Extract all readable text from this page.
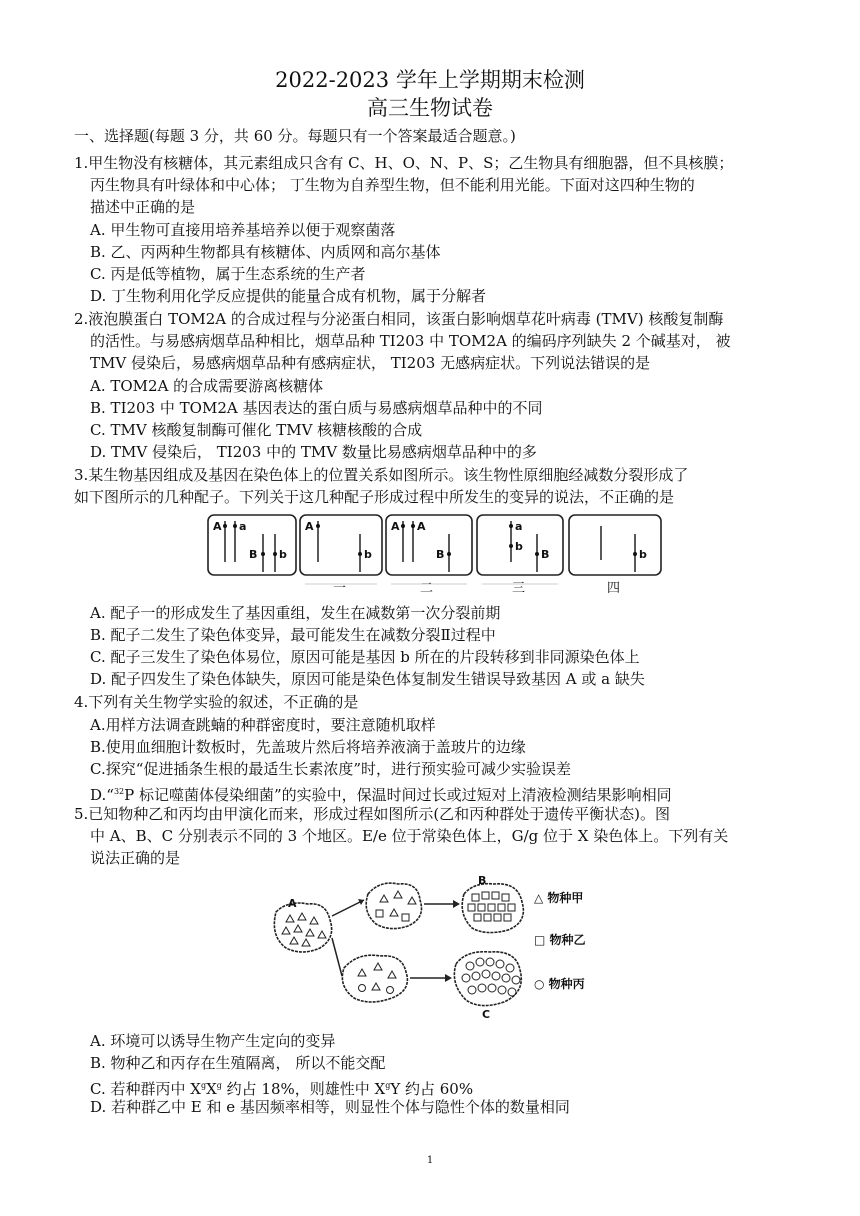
2022-2023 学年上学期期末检测
高三生物试卷
一、选择题(每题 3 分，共 60 分。每题只有一个答案最适合题意。)
1.甲生物没有核糖体，其元素组成只含有 C、H、O、N、P、S；乙生物具有细胞器，但不具核膜；
丙生物具有叶绿体和中心体； 丁生物为自养型生物，但不能利用光能。下面对这四种生物的
描述中正确的是
A. 甲生物可直接用培养基培养以便于观察菌落
B. 乙、丙两种生物都具有核糖体、内质网和高尔基体
C. 丙是低等植物，属于生态系统的生产者
D. 丁生物利用化学反应提供的能量合成有机物，属于分解者
2.液泡膜蛋白 TOM2A 的合成过程与分泌蛋白相同，该蛋白影响烟草花叶病毒 (TMV) 核酸复制酶
的活性。与易感病烟草品种相比，烟草品种 TI203 中 TOM2A 的编码序列缺失 2 个碱基对， 被
TMV 侵染后，易感病烟草品种有感病症状， TI203 无感病症状。下列说法错误的是
A. TOM2A 的合成需要游离核糖体
B. TI203 中 TOM2A 基因表达的蛋白质与易感病烟草品种中的不同
C. TMV 核酸复制酶可催化 TMV 核糖核酸的合成
D. TMV 侵染后， TI203 中的 TMV 数量比易感病烟草品种中的多
3.某生物基因组成及基因在染色体上的位置关系如图所示。该生物性原细胞经减数分裂形成了
如下图所示的几种配子。下列关于这几种配子形成过程中所发生的变异的说法，不正确的是
A a
B b
A
b
A A
B
a
b
B	b
一	二	三	四
A. 配子一的形成发生了基因重组，发生在减数第一次分裂前期
B. 配子二发生了染色体变异，最可能发生在减数分裂Ⅱ过程中
C. 配子三发生了染色体易位，原因可能是基因 b 所在的片段转移到非同源染色体上
D. 配子四发生了染色体缺失，原因可能是染色体复制发生错误导致基因 A 或 a 缺失
4.下列有关生物学实验的叙述，不正确的是
A.用样方法调查跳蝻的种群密度时，要注意随机取样
B.使用血细胞计数板时，先盖玻片然后将培养液滴于盖玻片的边缘
C.探究“促进插条生根的最适生长素浓度”时，进行预实验可减少实验误差
D.“$^{32}$P 标记噬菌体侵染细菌”的实验中，保温时间过长或过短对上清液检测结果影响相同
5.已知物种乙和丙均由甲演化而来，形成过程如图所示(乙和丙种群处于遗传平衡状态)。图
中 A、B、C 分别表示不同的 3 个地区。E/e 位于常染色体上，G/g 位于 X 染色体上。下列有关
说法正确的是
A
B
C
△ 物种甲
□ 物种乙
○ 物种丙
A. 环境可以诱导生物产生定向的变异
B. 物种乙和丙存在生殖隔离， 所以不能交配
C. 若种群丙中 $X^gX^g$ 约占 18%，则雄性中 $X^gY$ 约占 60%
D. 若种群乙中 E 和 e 基因频率相等，则显性个体与隐性个体的数量相同
1
